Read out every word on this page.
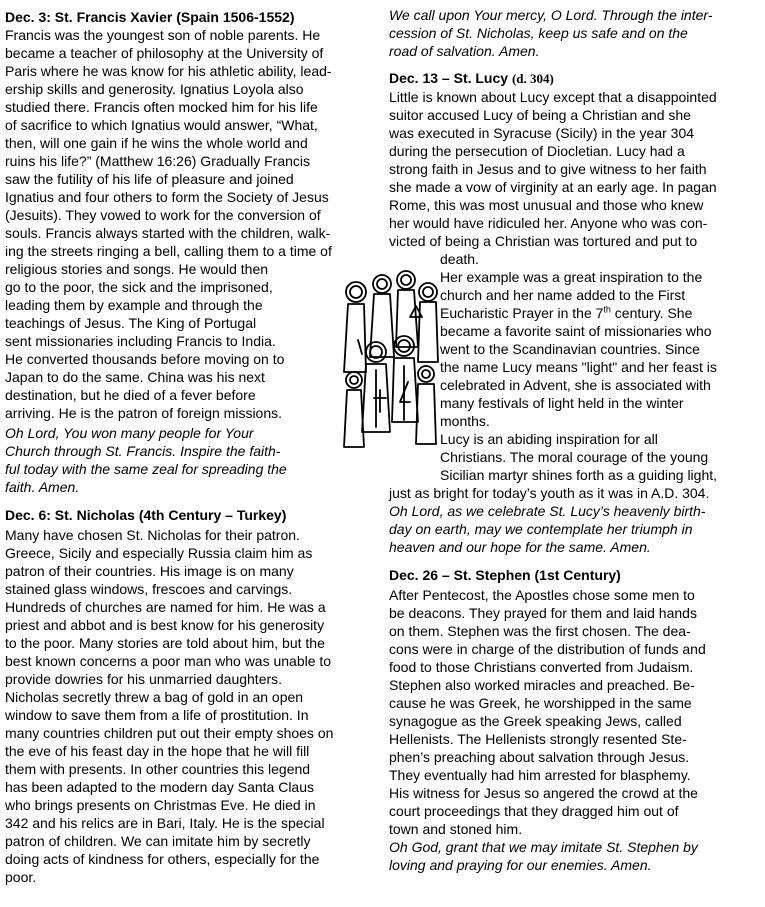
Dec. 3: St. Francis Xavier (Spain 1506-1552)
Francis was the youngest son of noble parents. He
became a teacher of philosophy at the University of
Paris where he was know for his athletic ability, lead-
ership skills and generosity. Ignatius Loyola also
studied there. Francis often mocked him for his life
of sacrifice to which Ignatius would answer, “What,
then, will one gain if he wins the whole world and
ruins his life?” (Matthew 16:26) Gradually Francis
saw the futility of his life of pleasure and joined
Ignatius and four others to form the Society of Jesus
(Jesuits). They vowed to work for the conversion of
souls. Francis always started with the children, walk-
ing the streets ringing a bell, calling them to a time of
religious stories and songs. He would then
go to the poor, the sick and the imprisoned,
leading them by example and through the
teachings of Jesus. The King of Portugal
sent missionaries including Francis to India.
He converted thousands before moving on to
Japan to do the same. China was his next
destination, but he died of a fever before
arriving. He is the patron of foreign missions.
Oh Lord, You won many people for Your
Church through St. Francis. Inspire the faith-
ful today with the same zeal for spreading the
faith. Amen.
Dec. 6: St. Nicholas (4th Century – Turkey)
Many have chosen St. Nicholas for their patron.
Greece, Sicily and especially Russia claim him as
patron of their countries. His image is on many
stained glass windows, frescoes and carvings.
Hundreds of churches are named for him. He was a
priest and abbot and is best know for his generosity
to the poor. Many stories are told about him, but the
best known concerns a poor man who was unable to
provide dowries for his unmarried daughters.
Nicholas secretly threw a bag of gold in an open
window to save them from a life of prostitution. In
many countries children put out their empty shoes on
the eve of his feast day in the hope that he will fill
them with presents. In other countries this legend
has been adapted to the modern day Santa Claus
who brings presents on Christmas Eve. He died in
342 and his relics are in Bari, Italy. He is the special
patron of children. We can imitate him by secretly
doing acts of kindness for others, especially for the
poor.
We call upon Your mercy, O Lord. Through the inter-
cession of St. Nicholas, keep us safe and on the
road of salvation. Amen.
Dec. 13 – St. Lucy (d. 304)
Little is known about Lucy except that a disappointed
suitor accused Lucy of being a Christian and she
was executed in Syracuse (Sicily) in the year 304
during the persecution of Diocletian. Lucy had a
strong faith in Jesus and to give witness to her faith
she made a vow of virginity at an early age. In pagan
Rome, this was most unusual and those who knew
her would have ridiculed her. Anyone who was con-
victed of being a Christian was tortured and put to
death.
Her example was a great inspiration to the
church and her name added to the First
Eucharistic Prayer in the 7th century. She
became a favorite saint of missionaries who
went to the Scandinavian countries. Since
the name Lucy means "light" and her feast is
celebrated in Advent, she is associated with
many festivals of light held in the winter
months.
Lucy is an abiding inspiration for all
Christians. The moral courage of the young
Sicilian martyr shines forth as a guiding light,
just as bright for today’s youth as it was in A.D. 304.
Oh Lord, as we celebrate St. Lucy’s heavenly birth-
day on earth, may we contemplate her triumph in
heaven and our hope for the same. Amen.
Dec. 26 – St. Stephen (1st Century)
After Pentecost, the Apostles chose some men to
be deacons. They prayed for them and laid hands
on them. Stephen was the first chosen. The dea-
cons were in charge of the distribution of funds and
food to those Christians converted from Judaism.
Stephen also worked miracles and preached. Be-
cause he was Greek, he worshipped in the same
synagogue as the Greek speaking Jews, called
Hellenists. The Hellenists strongly resented Ste-
phen’s preaching about salvation through Jesus.
They eventually had him arrested for blasphemy.
His witness for Jesus so angered the crowd at the
court proceedings that they dragged him out of
town and stoned him.
Oh God, grant that we may imitate St. Stephen by
loving and praying for our enemies. Amen.
